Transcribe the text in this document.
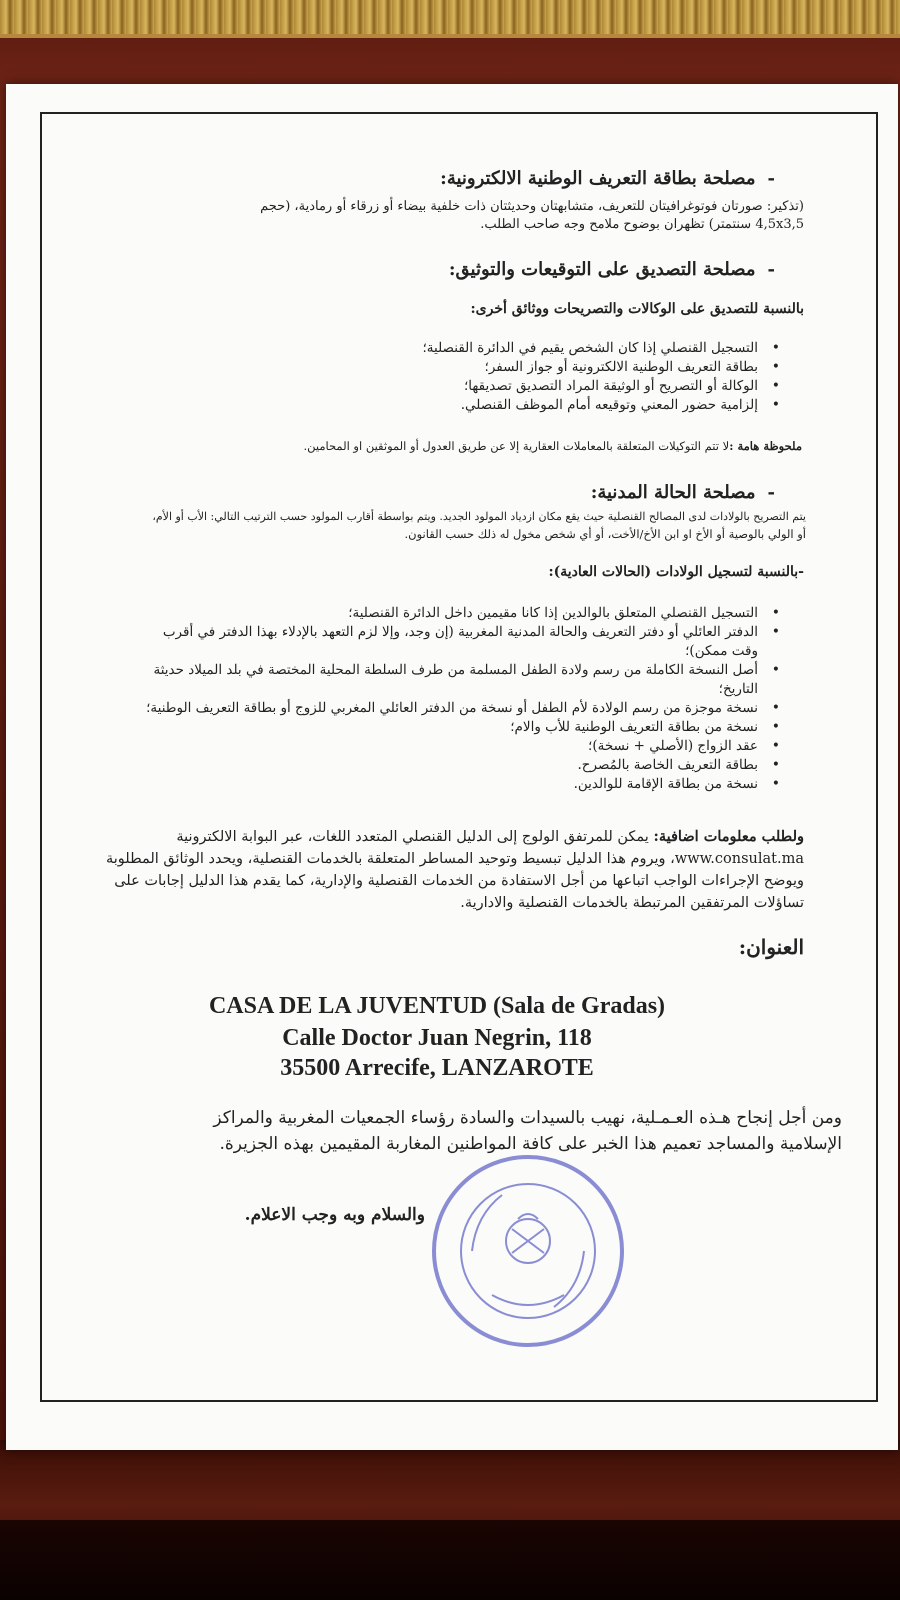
-مصلحة بطاقة التعريف الوطنية الالكترونية:
(تذكير: صورتان فوتوغرافيتان للتعريف، متشابهتان وحديثتان ذات خلفية بيضاء أو زرقاء أو رمادية، (حجم
4,5x3,5 سنتمتر) تظهران بوضوح ملامح وجه صاحب الطلب.
-مصلحة التصديق على التوقيعات والتوثيق:
بالنسبة للتصديق على الوكالات والتصريحات ووثائق أخرى:
• التسجيل القنصلي إذا كان الشخص يقيم في الدائرة القنصلية؛
• بطاقة التعريف الوطنية الالكترونية أو جواز السفر؛
• الوكالة أو التصريح أو الوثيقة المراد التصديق تصديقها؛
• إلزامية حضور المعني وتوقيعه أمام الموظف القنصلي.
ملحوظة هامة :لا تتم التوكيلات المتعلقة بالمعاملات العقارية إلا عن طريق العدول أو الموثقين او المحامين.
-مصلحة الحالة المدنية:
يتم التصريح بالولادات لدى المصالح القنصلية حيث يقع مكان ازدياد المولود الجديد. ويتم بواسطة أقارب المولود حسب الترتيب التالي: الأب أو الأم،
أو الولي بالوصية أو الأخ او ابن الأخ/الأخت، أو أي شخص مخول له ذلك حسب القانون.
-بالنسبة لتسجيل الولادات (الحالات العادية):
• التسجيل القنصلي المتعلق بالوالدين إذا كانا مقيمين داخل الدائرة القنصلية؛
• الدفتر العائلي أو دفتر التعريف والحالة المدنية المغربية (إن وجد، وإلا لزم التعهد بالإدلاء بهذا الدفتر في أقرب وقت ممكن)؛
• أصل النسخة الكاملة من رسم ولادة الطفل المسلمة من طرف السلطة المحلية المختصة في بلد الميلاد حديثة التاريخ؛
• نسخة موجزة من رسم الولادة لأم الطفل أو نسخة من الدفتر العائلي المغربي للزوج أو بطاقة التعريف الوطنية؛
• نسخة من بطاقة التعريف الوطنية للأب والام؛
• عقد الزواج (الأصلي + نسخة)؛
• بطاقة التعريف الخاصة بالمُصرح.
• نسخة من بطاقة الإقامة للوالدين.
ولطلب معلومات اضافية: يمكن للمرتفق الولوج إلى الدليل القنصلي المتعدد اللغات، عبر البوابة الالكترونية
www.consulat.ma، ويروم هذا الدليل تبسيط وتوحيد المساطر المتعلقة بالخدمات القنصلية، ويحدد الوثائق المطلوبة
ويوضح الإجراءات الواجب اتباعها من أجل الاستفادة من الخدمات القنصلية والإدارية، كما يقدم هذا الدليل إجابات على
تساؤلات المرتفقين المرتبطة بالخدمات القنصلية والادارية.
العنوان:
CASA DE LA JUVENTUD (Sala de Gradas)
Calle Doctor Juan Negrin, 118
35500 Arrecife, LANZAROTE
ومن أجل إنجاح هـذه العـمـلية، نهيب بالسيدات والسادة رؤساء الجمعيات المغربية والمراكز
الإسلامية والمساجد تعميم هذا الخبر على كافة المواطنين المغاربة المقيمين بهذه الجزيرة.
والسلام وبه وجب الاعلام.
